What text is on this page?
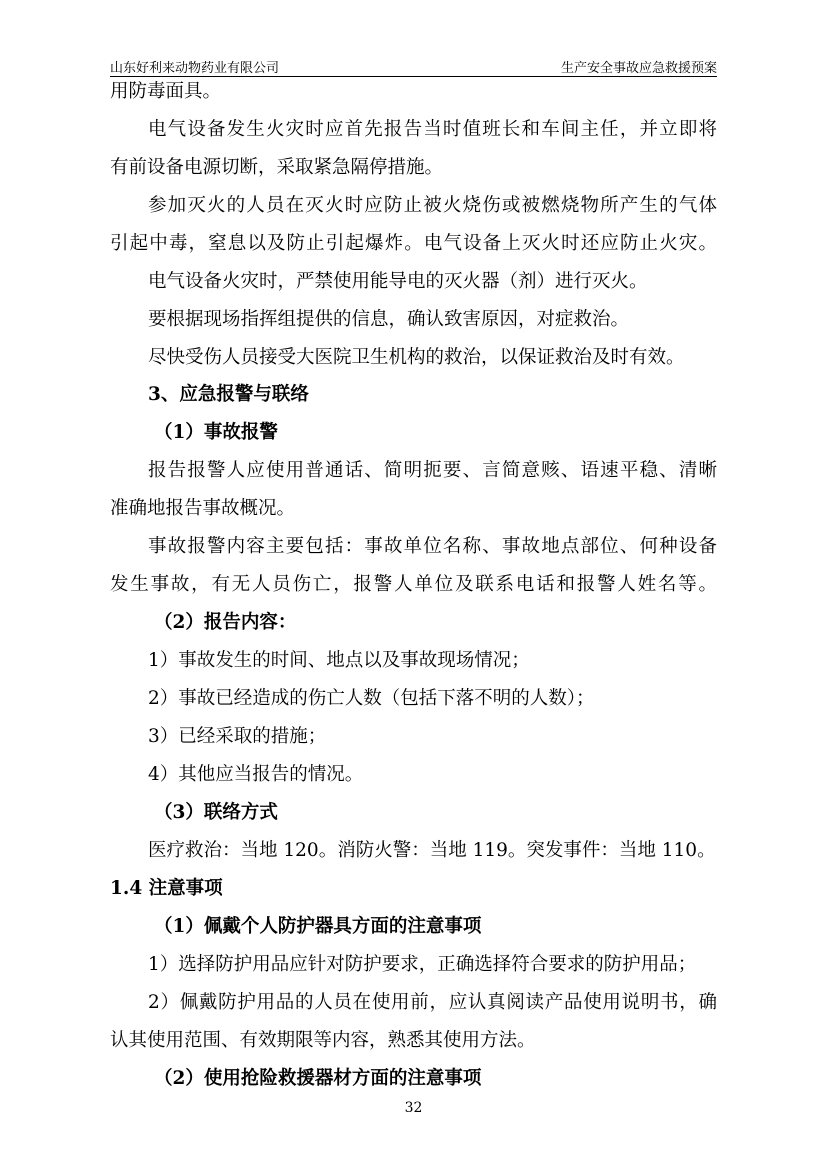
山东好利来动物药业有限公司	生产安全事故应急救援预案
用防毒面具。
电气设备发生火灾时应首先报告当时值班长和车间主任，并立即将
有前设备电源切断，采取紧急隔停措施。
参加灭火的人员在灭火时应防止被火烧伤或被燃烧物所产生的气体
引起中毒，窒息以及防止引起爆炸。电气设备上灭火时还应防止火灾。
电气设备火灾时，严禁使用能导电的灭火器（剂）进行灭火。
要根据现场指挥组提供的信息，确认致害原因，对症救治。
尽快受伤人员接受大医院卫生机构的救治，以保证救治及时有效。
3、应急报警与联络
（1）事故报警
报告报警人应使用普通话、简明扼要、言简意赅、语速平稳、清晰
准确地报告事故概况。
事故报警内容主要包括：事故单位名称、事故地点部位、何种设备
发生事故，有无人员伤亡，报警人单位及联系电话和报警人姓名等。
（2）报告内容：
1）事故发生的时间、地点以及事故现场情况；
2）事故已经造成的伤亡人数（包括下落不明的人数）；
3）已经采取的措施；
4）其他应当报告的情况。
（3）联络方式
医疗救治：当地 120。消防火警：当地 119。突发事件：当地 110。
1.4 注意事项
（1）佩戴个人防护器具方面的注意事项
1）选择防护用品应针对防护要求，正确选择符合要求的防护用品；
2）佩戴防护用品的人员在使用前，应认真阅读产品使用说明书，确
认其使用范围、有效期限等内容，熟悉其使用方法。
（2）使用抢险救援器材方面的注意事项
32
